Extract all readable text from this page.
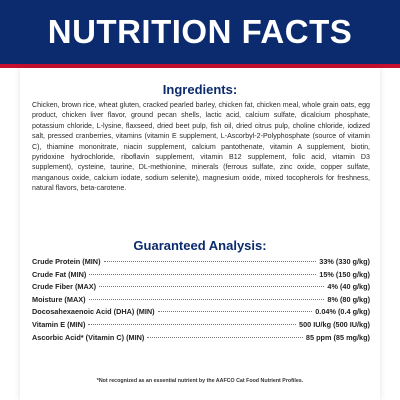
NUTRITION FACTS
Ingredients:

Chicken, brown rice, wheat gluten, cracked pearled barley, chicken fat, chicken meal, whole grain oats, egg product, chicken liver flavor, ground pecan shells, lactic acid, calcium sulfate, dicalcium phosphate, potassium chloride, L-lysine, flaxseed, dried beet pulp, fish oil, dried citrus pulp, choline chloride, iodized salt, pressed cranberries, vitamins (vitamin E supplement, L-Ascorbyl-2-Polyphosphate (source of vitamin C), thiamine mononitrate, niacin supplement, calcium pantothenate, vitamin A supplement, biotin, pyridoxine hydrochloride, riboflavin supplement, vitamin B12 supplement, folic acid, vitamin D3 supplement), cysteine, taurine, DL-methionine, minerals (ferrous sulfate, zinc oxide, copper sulfate, manganous oxide, calcium iodate, sodium selenite), magnesium oxide, mixed tocopherols for freshness, natural flavors, beta-carotene.

Guaranteed Analysis:
Crude Protein (MIN)	33% (330 g/kg)
Crude Fat (MIN)	15% (150 g/kg)
Crude Fiber (MAX)	4% (40 g/kg)
Moisture (MAX)	8% (80 g/kg)
Docosahexaenoic Acid (DHA) (MIN)	0.04% (0.4 g/kg)
Vitamin E (MIN)	500 IU/kg (500 IU/kg)
Ascorbic Acid* (Vitamin C) (MIN)	85 ppm (85 mg/kg)
*Not recognized as an essential nutrient by the AAFCO Cat Food Nutrient Profiles.
